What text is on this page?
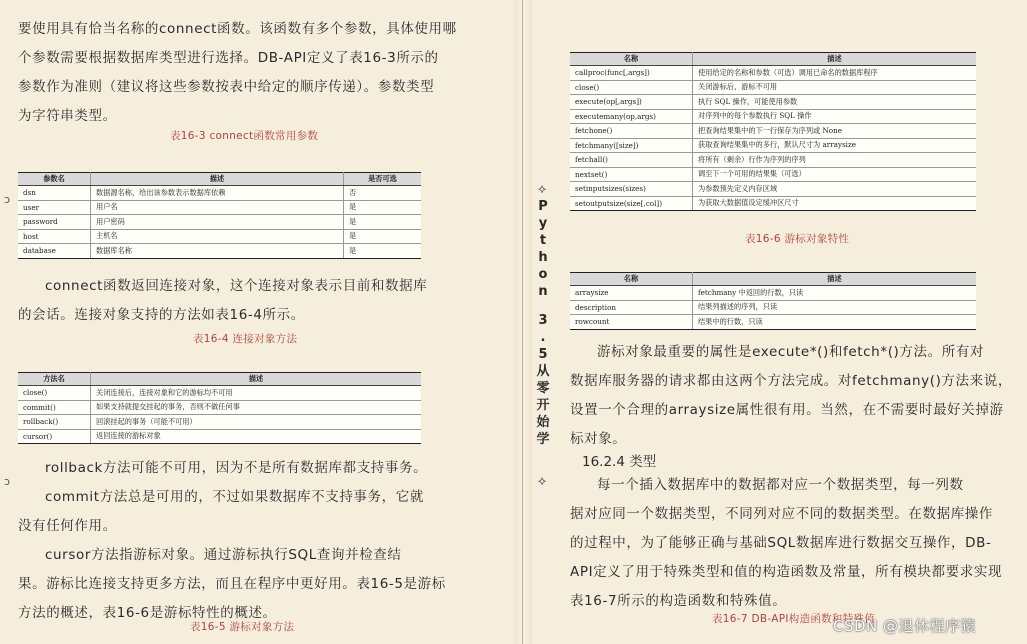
要使用具有恰当名称的connect函数。该函数有多个参数，具体使用哪
个参数需要根据数据库类型进行选择。DB-API定义了表16-3所示的
参数作为准则（建议将这些参数按表中给定的顺序传递）。参数类型
为字符串类型。
表16-3 connect函数常用参数
ↄ
参数名	描述	是否可选
dsn	数据源名称，给出该参数表示数据库依赖	否
user	用户名	是
password	用户密码	是
host	主机名	是
database	数据库名称	是
connect函数返回连接对象，这个连接对象表示目前和数据库
的会话。连接对象支持的方法如表16-4所示。
表16-4 连接对象方法
方法名	描述
close()	关闭连接后，连接对象和它的游标均不可用
commit()	如果支持就提交挂起的事务，否则不做任何事
rollback()	回滚挂起的事务（可能不可用）
cursor()	返回连接的游标对象
ↄ
rollback方法可能不可用，因为不是所有数据库都支持事务。
commit方法总是可用的，不过如果数据库不支持事务，它就
没有任何作用。
cursor方法指游标对象。通过游标执行SQL查询并检查结
果。游标比连接支持更多方法，而且在程序中更好用。表16-5是游标
方法的概述，表16-6是游标特性的概述。
表16-5 游标对象方法
⟡
P
y
t
h
o
n
3
.
5
从
零
开
始
学
⟡
名称	描述
callproc(func[,args])	使用给定的名称和参数（可选）调用已命名的数据库程序
close()	关闭游标后，游标不可用
execute(op[,args])	执行 SQL 操作，可能使用参数
executemany(op,args)	对序列中的每个参数执行 SQL 操作
fetchone()	把查询结果集中的下一行保存为序列或 None
fetchmany([size])	获取查询结果集中的多行，默认尺寸为 arraysize
fetchall()	将所有（剩余）行作为序列的序列
nextset()	调至下一个可用的结果集（可选）
setinputsizes(sizes)	为参数预先定义内存区域
setoutputsize(size[,col])	为获取大数据值设定缓冲区尺寸
表16-6 游标对象特性
名称	描述
arraysize	fetchmany 中返回的行数，只读
description	结果列描述的序列，只读
rowcount	结果中的行数，只读
游标对象最重要的属性是execute*()和fetch*()方法。所有对
数据库服务器的请求都由这两个方法完成。对fetchmany()方法来说，
设置一个合理的arraysize属性很有用。当然，在不需要时最好关掉游
标对象。
16.2.4 类型
每一个插入数据库中的数据都对应一个数据类型，每一列数
据对应同一个数据类型，不同列对应不同的数据类型。在数据库操作
的过程中，为了能够正确与基础SQL数据库进行数据交互操作，DB-
API定义了用于特殊类型和值的构造函数及常量，所有模块都要求实现
表16-7所示的构造函数和特殊值。
表16-7 DB-API构造函数和特殊值
CSDN @退休程序猿
